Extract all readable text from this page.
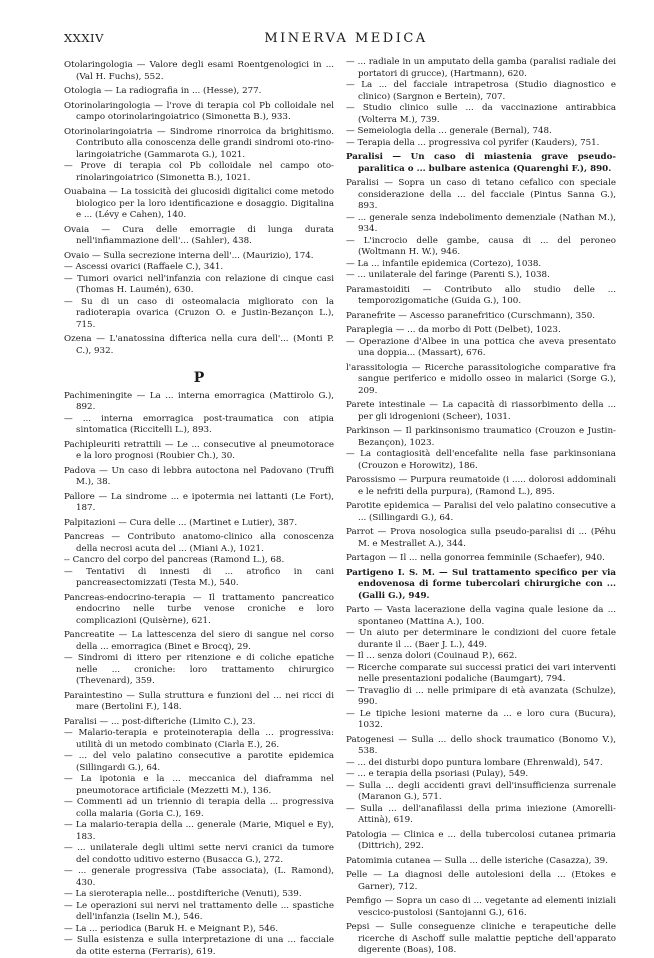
XXXIV	MINERVA MEDICA

Otolaringologia — Valore degli esami Roentgenologici in ... (Val H. Fuchs), 552.

Otologia — La radiografia in ... (Hesse), 277.

Otorinolaringologia — l'rove di terapia col Pb colloidale nel campo otorinolaringoiatrico (Simonetta B.), 933.

Otorinolaringoiatria — Sindrome rinorroica da brighitismo. Contributo alla conoscenza delle grandi sindromi oto-rino-laringoiatriche (Gammarota G.), 1021.

— Prove di terapia col Pb colloidale nel campo oto-rinolaringoiatrico (Simonetta B.), 1021.

Ouabaina — La tossicità dei glucosidi digitalici come metodo biologico per la loro identificazione e dosaggio. Digitalina e ... (Lévy e Cahen), 140.

Ovaia — Cura delle emorragie di lunga durata nell'infiammazione dell'... (Sahler), 438.

Ovaio — Sulla secrezione interna dell'... (Maurizio), 174.

— Ascessi ovarici (Raffaele C.), 341.

— Tumori ovarici nell'infanzia con relazione di cinque casi (Thomas H. Laumén), 630.

— Su di un caso di osteomalacia migliorato con la radioterapia ovarica (Cruzon O. e Justin-Bezançon L.), 715.

Ozena — L'anatossina difterica nella cura dell'... (Monti P. C.), 932.

P

Pachimeningite — La ... interna emorragica (Mattirolo G.), 892.

— ... interna emorragica post-traumatica con atipia sintomatica (Riccitelli L.), 893.

Pachipleuriti retrattili — Le ... consecutive al pneumotorace e la loro prognosi (Roubier Ch.), 30.

Padova — Un caso di lebbra autoctona nel Padovano (Truffi M.), 38.

Pallore — La sindrome ... e ipotermia nei lattanti (Le Fort), 187.

Palpitazioni — Cura delle ... (Martinet e Lutier), 387.

Pancreas — Contributo anatomo-clinico alla conoscenza della necrosi acuta del ... (Miani A.), 1021.

-- Cancro del corpo del pancreas (Ramond L.), 68.

— Tentativi di innesti di ... atrofico in cani pancreasectomizzati (Testa M.), 540.

Pancreas-endocrino-terapia — Il trattamento pancreatico endocrino nelle turbe venose croniche e loro complicazioni (Quisèrne), 621.

Pancreatite — La lattescenza del siero di sangue nel corso della ... emorragica (Binet e Brocq), 29.

— Sindromi di ittero per ritenzione e di coliche epatiche nelle ... croniche: loro trattamento chirurgico (Thevenard), 359.

Paraintestino — Sulla struttura e funzioni del ... nei ricci di mare (Bertolini F.), 148.

Paralisi — ... post-difteriche (Limito C.), 23.

— Malario-terapia e proteinoterapia della ... progressiva: utilità di un metodo combinato (Ciarla E.), 26.

— ... del velo palatino consecutive a parotite epidemica (Sillingardi G.), 64.

— La ipotonia e la ... meccanica del diaframma nel pneumotorace artificiale (Mezzetti M.), 136.

— Commenti ad un triennio di terapia della ... progressiva colla malaria (Goria C.), 169.

— La malario-terapia della ... generale (Marie, Miquel e Ey), 183.

— ... unilaterale degli ultimi sette nervi cranici da tumore del condotto uditivo esterno (Busacca G.), 272.

— ... generale progressiva (Tabe associata), (L. Ramond), 430.

— La sieroterapia nelle... postdifteriche (Venuti), 539.

— Le operazioni sui nervi nel trattamento delle ... spastiche dell'infanzia (Iselin M.), 546.

— La ... periodica (Baruk H. e Meignant P.), 546.

— Sulla esistenza e sulla interpretazione di una ... facciale da otite esterna (Ferraris), 619.

— ... radiale in un amputato della gamba (paralisi radiale dei portatori di grucce), (Hartmann), 620.

— La ... del facciale intrapetrosa (Studio diagnostico e clinico) (Sargnon e Bertein), 707.

— Studio clinico sulle ... da vaccinazione antirabbica (Volterra M.), 739.

— Semeiologia della ... generale (Bernal), 748.

— Terapia della ... progressiva col pyrifer (Kauders), 751.

Paralisi — Un caso di miastenia grave pseudo-paralitica o ... bulbare astenica (Quarenghi F.), 890.

Paralisi — Sopra un caso di tetano cefalico con speciale considerazione della ... del facciale (Pintus Sanna G.), 893.

— ... generale senza indebolimento demenziale (Nathan M.), 934.

— L'incrocio delle gambe, causa di ... del peroneo (Woltmann H. W.), 946.

— La ... infantile epidemica (Cortezo), 1038.

— ... unilaterale del faringe (Parenti S.), 1038.

Paramastoiditi — Contributo allo studio delle ... temporozigomatiche (Guida G.), 100.

Paranefrite — Ascesso paranefritico (Curschmann), 350.

Paraplegia — ... da morbo di Pott (Delbet), 1023.

— Operazione d'Albee in una pottica che aveva presentato una doppia... (Massart), 676.

l'arassitologia — Ricerche parassitologiche comparative fra sangue periferico e midollo osseo in malarici (Sorge G.), 209.

Parete intestinale — La capacità di riassorbimento della ... per gli idrogenioni (Scheer), 1031.

Parkinson — Il parkinsonismo traumatico (Crouzon e Justin-Bezançon), 1023.

— La contagiosità dell'encefalite nella fase parkinsoniana (Crouzon e Horowitz), 186.

Parossismo — Purpura reumatoide (i ..... dolorosi addominali e le nefriti della purpura), (Ramond L.), 895.

Parotite epidemica — Paralisi del velo palatino consecutive a ... (Sillingardi G.), 64.

Parrot — Prova nosologica sulla pseudo-paralisi di ... (Péhu M. e Mestrallet A.), 344.

Partagon — Il ... nella gonorrea femminile (Schaefer), 940.

Partigeno I. S. M. — Sul trattamento specifico per via endovenosa di forme tubercolari chirurgiche con ... (Galli G.), 949.

Parto — Vasta lacerazione della vagina quale lesione da ... spontaneo (Mattina A.), 100.

— Un aiuto per determinare le condizioni del cuore fetale durante il ... (Baer J. L.), 449.

— Il ... senza dolori (Couinaud P.), 662.

— Ricerche comparate sui successi pratici dei vari interventi nelle presentazioni podaliche (Baumgart), 794.

— Travaglio di ... nelle primipare di età avanzata (Schulze), 990.

— Le tipiche lesioni materne da ... e loro cura (Bucura), 1032.

Patogenesi — Sulla ... dello shock traumatico (Bonomo V.), 538.

— ... dei disturbi dopo puntura lombare (Ehrenwald), 547.

— ... e terapia della psoriasi (Pulay), 549.

— Sulla ... degli accidenti gravi dell'insufficienza surrenale (Maranon G.), 571.

— Sulla ... dell'anafilassi della prima iniezione (Amorelli-Attinà), 619.

Patologia — Clinica e ... della tubercolosi cutanea primaria (Dittrich), 292.

Patomimia cutanea — Sulla ... delle isteriche (Casazza), 39.

Pelle — La diagnosi delle autolesioni della ... (Etokes e Garner), 712.

Pemfigo — Sopra un caso di ... vegetante ad elementi iniziali vescico-pustolosi (Santojanni G.), 616.

Pepsi — Sulle conseguenze cliniche e terapeutiche delle ricerche di Aschoff sulle malattie peptiche dell'apparato digerente (Boas), 108.
